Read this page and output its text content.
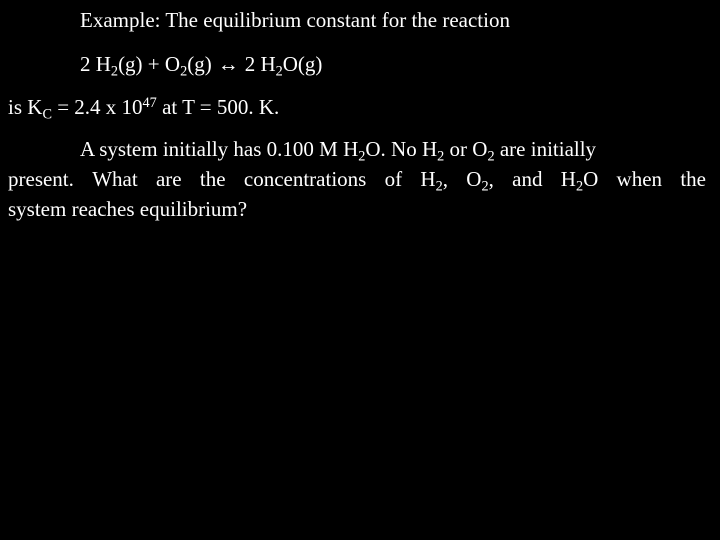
Example: The equilibrium constant for the reaction
2 $H_2(g) + O_2(g)$ ↔ 2 $H_2O(g)$
is $K_C = 2.4$ x $10^{47}$ at T = 500. K.
A system initially has 0.100 M $H_2O$. No $H_2$ or $O_2$ are initially
present. What are the concentrations of $H_2$, $O_2$, and $H_2O$ when the
system reaches equilibrium?
